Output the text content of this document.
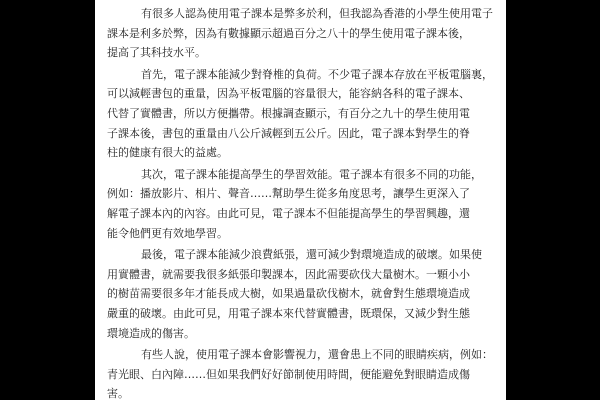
有很多人認為使用電子課本是弊多於利，但我認為香港的小學生使用電子
課本是利多於弊，因為有數據顯示超過百分之八十的學生使用電子課本後，
提高了其科技水平。

首先，電子課本能減少對脊椎的負荷。不少電子課本存放在平板電腦裏，
可以減輕書包的重量，因為平板電腦的容量很大，能容納各科的電子課本、
代替了實體書，所以方便攜帶。根據調查顯示，有百分之九十的學生使用電
子課本後，書包的重量由八公斤減輕到五公斤。因此，電子課本對學生的脊
柱的健康有很大的益處。

其次，電子課本能提高學生的學習效能。電子課本有很多不同的功能，
例如：播放影片、相片、聲音……幫助學生從多角度思考，讓學生更深入了
解電子課本內的內容。由此可見，電子課本不但能提高學生的學習興趣，還
能令他們更有效地學習。

最後，電子課本能減少浪費紙張，還可減少對環境造成的破壞。如果使
用實體書，就需要我很多紙張印製課本，因此需要砍伐大量樹木。一顆小小
的樹苗需要很多年才能長成大樹，如果過量砍伐樹木，就會對生態環境造成
嚴重的破壞。由此可見，用電子課本來代替實體書，既環保，又減少對生態
環境造成的傷害。

有些人說，使用電子課本會影響視力，還會患上不同的眼睛疾病，例如：
青光眼、白內障……但如果我們好好節制使用時間，便能避免對眼睛造成傷
害。
